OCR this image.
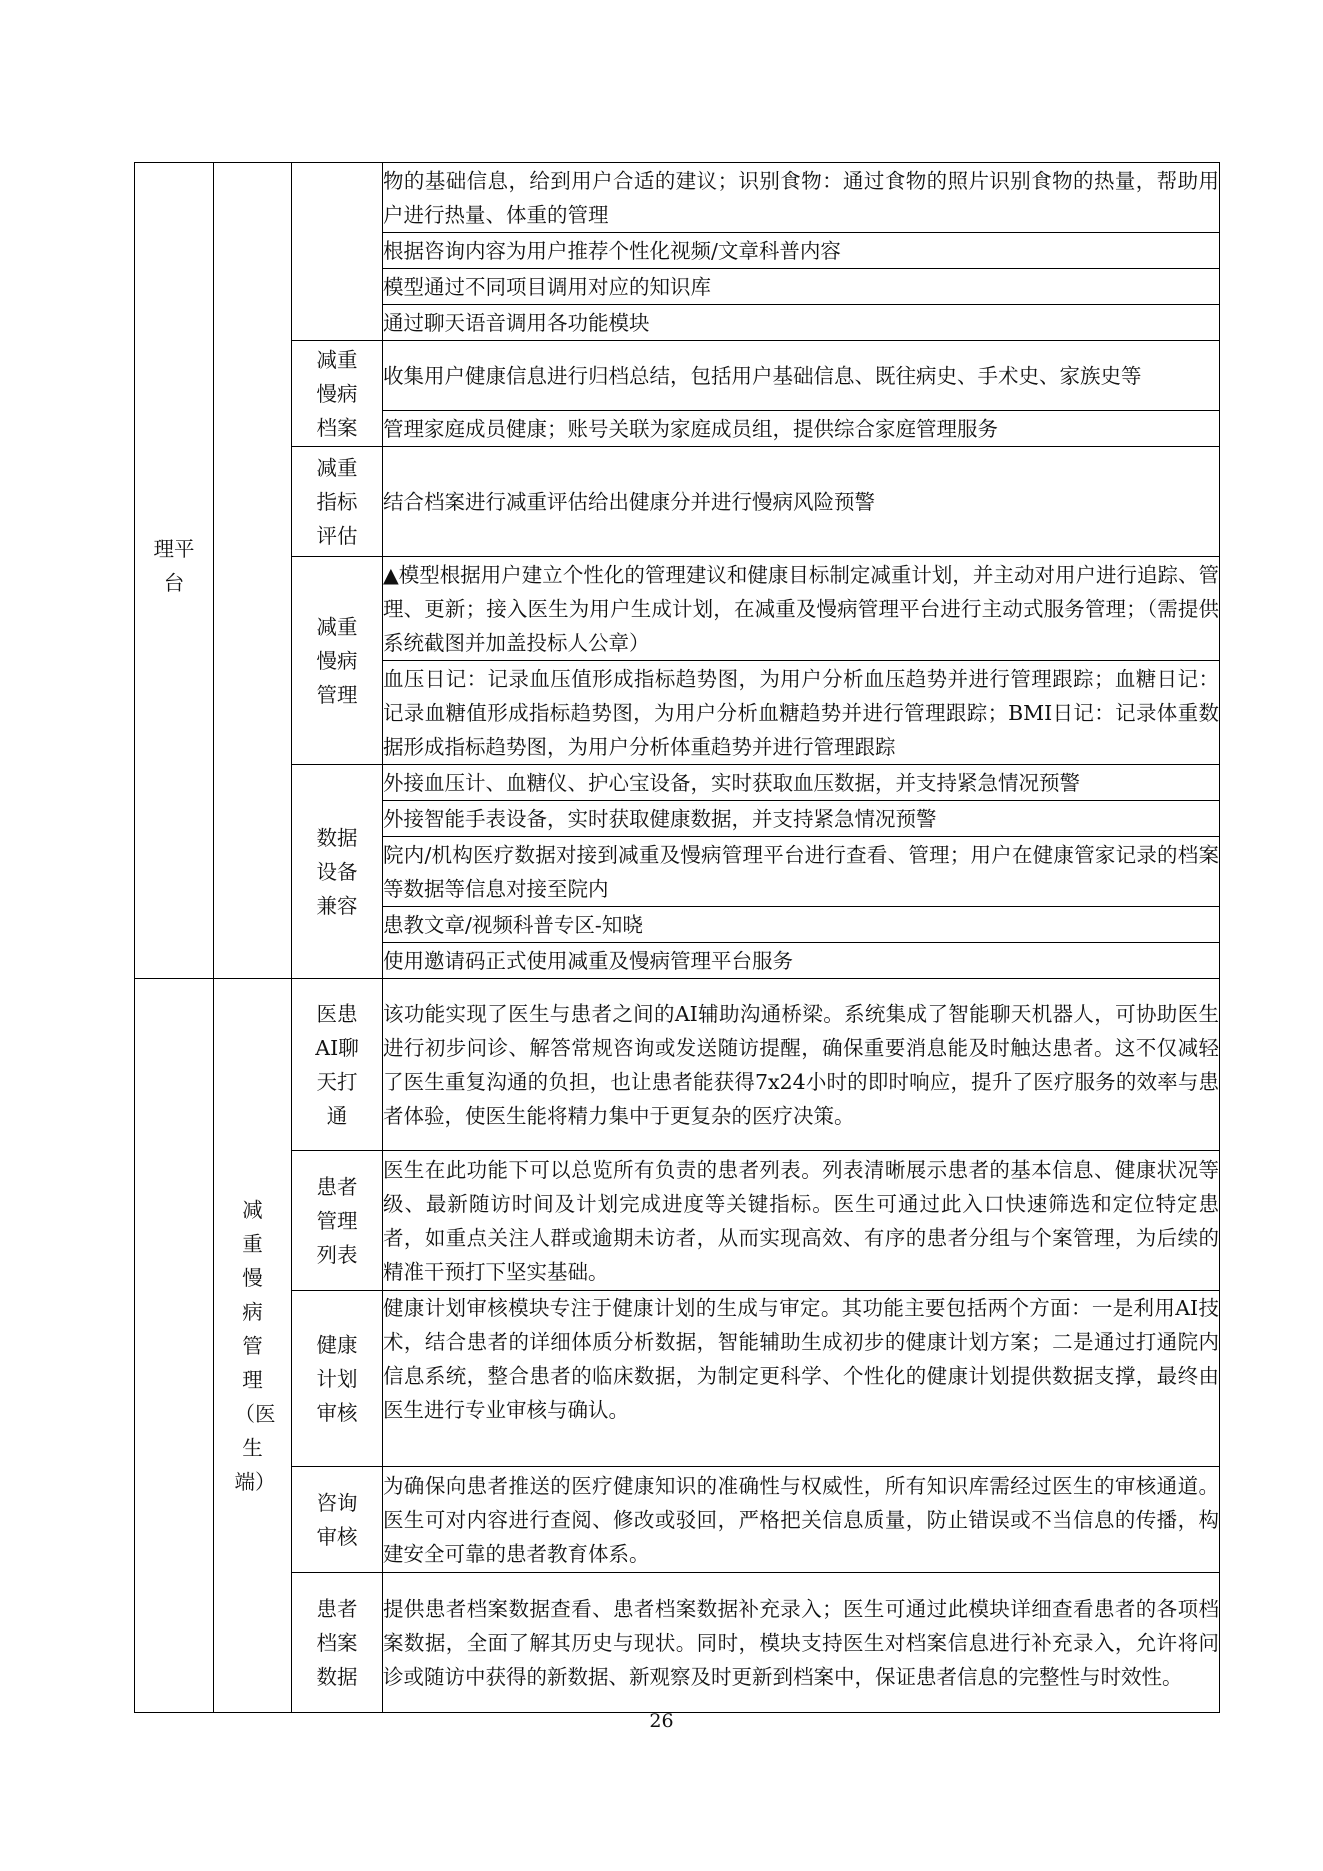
理平台			物的基础信息，给到用户合适的建议；识别食物：通过食物的照片识别食物的热量，帮助用户进行热量、体重的管理

			根据咨询内容为用户推荐个性化视频/文章科普内容

			模型通过不同项目调用对应的知识库

			通过聊天语音调用各功能模块

		减重慢病档案	收集用户健康信息进行归档总结，包括用户基础信息、既往病史、手术史、家族史等

			管理家庭成员健康；账号关联为家庭成员组，提供综合家庭管理服务

		减重指标评估	结合档案进行减重评估给出健康分并进行慢病风险预警

		减重慢病管理	▲模型根据用户建立个性化的管理建议和健康目标制定减重计划，并主动对用户进行追踪、管理、更新；接入医生为用户生成计划，在减重及慢病管理平台进行主动式服务管理；（需提供系统截图并加盖投标人公章）

			血压日记：记录血压值形成指标趋势图，为用户分析血压趋势并进行管理跟踪；血糖日记：记录血糖值形成指标趋势图，为用户分析血糖趋势并进行管理跟踪；BMI日记：记录体重数据形成指标趋势图，为用户分析体重趋势并进行管理跟踪

		数据设备兼容	外接血压计、血糖仪、护心宝设备，实时获取血压数据，并支持紧急情况预警

			外接智能手表设备，实时获取健康数据，并支持紧急情况预警

			院内/机构医疗数据对接到减重及慢病管理平台进行查看、管理；用户在健康管家记录的档案等数据等信息对接至院内

			患教文章/视频科普专区-知晓

			使用邀请码正式使用减重及慢病管理平台服务

	减重慢病管理（医生端）	医患AI聊天打通	该功能实现了医生与患者之间的AI辅助沟通桥梁。系统集成了智能聊天机器人，可协助医生进行初步问诊、解答常规咨询或发送随访提醒，确保重要消息能及时触达患者。这不仅减轻了医生重复沟通的负担，也让患者能获得7x24小时的即时响应，提升了医疗服务的效率与患者体验，使医生能将精力集中于更复杂的医疗决策。

		患者管理列表	医生在此功能下可以总览所有负责的患者列表。列表清晰展示患者的基本信息、健康状况等级、最新随访时间及计划完成进度等关键指标。医生可通过此入口快速筛选和定位特定患者，如重点关注人群或逾期未访者，从而实现高效、有序的患者分组与个案管理，为后续的精准干预打下坚实基础。

		健康计划审核	健康计划审核模块专注于健康计划的生成与审定。其功能主要包括两个方面：一是利用AI技术，结合患者的详细体质分析数据，智能辅助生成初步的健康计划方案；二是通过打通院内信息系统，整合患者的临床数据，为制定更科学、个性化的健康计划提供数据支撑，最终由医生进行专业审核与确认。

		咨询审核	为确保向患者推送的医疗健康知识的准确性与权威性，所有知识库需经过医生的审核通道。医生可对内容进行查阅、修改或驳回，严格把关信息质量，防止错误或不当信息的传播，构建安全可靠的患者教育体系。

		患者档案数据	提供患者档案数据查看、患者档案数据补充录入；医生可通过此模块详细查看患者的各项档案数据，全面了解其历史与现状。同时，模块支持医生对档案信息进行补充录入，允许将问诊或随访中获得的新数据、新观察及时更新到档案中，保证患者信息的完整性与时效性。
26
